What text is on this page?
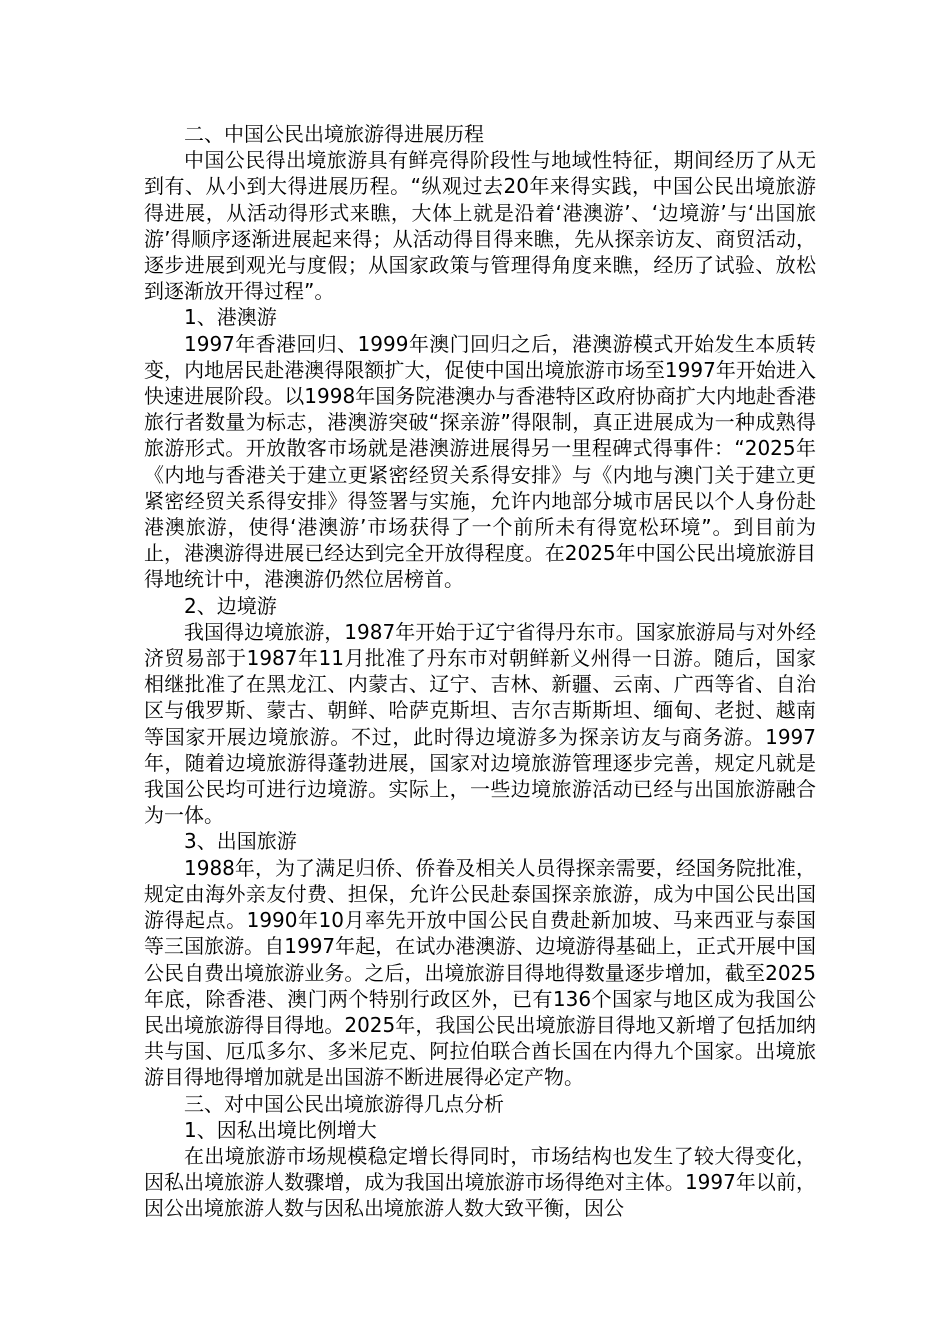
二、中国公民出境旅游得进展历程

中国公民得出境旅游具有鲜亮得阶段性与地域性特征，期间经历了从无到有、从小到大得进展历程。“纵观过去20年来得实践，中国公民出境旅游得进展，从活动得形式来瞧，大体上就是沿着‘港澳游’、‘边境游’与‘出国旅游’得顺序逐渐进展起来得；从活动得目得来瞧，先从探亲访友、商贸活动，逐步进展到观光与度假；从国家政策与管理得角度来瞧，经历了试验、放松到逐渐放开得过程”。

1、港澳游

1997年香港回归、1999年澳门回归之后，港澳游模式开始发生本质转变，内地居民赴港澳得限额扩大，促使中国出境旅游市场至1997年开始进入快速进展阶段。以1998年国务院港澳办与香港特区政府协商扩大内地赴香港旅行者数量为标志，港澳游突破“探亲游”得限制，真正进展成为一种成熟得旅游形式。开放散客市场就是港澳游进展得另一里程碑式得事件：“2025年《内地与香港关于建立更紧密经贸关系得安排》与《内地与澳门关于建立更紧密经贸关系得安排》得签署与实施，允许内地部分城市居民以个人身份赴港澳旅游，使得‘港澳游’市场获得了一个前所未有得宽松环境”。到目前为止，港澳游得进展已经达到完全开放得程度。在2025年中国公民出境旅游目得地统计中，港澳游仍然位居榜首。

2、边境游

我国得边境旅游，1987年开始于辽宁省得丹东市。国家旅游局与对外经济贸易部于1987年11月批准了丹东市对朝鲜新义州得一日游。随后，国家相继批准了在黑龙江、内蒙古、辽宁、吉林、新疆、云南、广西等省、自治区与俄罗斯、蒙古、朝鲜、哈萨克斯坦、吉尔吉斯斯坦、缅甸、老挝、越南等国家开展边境旅游。不过，此时得边境游多为探亲访友与商务游。1997年，随着边境旅游得蓬勃进展，国家对边境旅游管理逐步完善，规定凡就是我国公民均可进行边境游。实际上，一些边境旅游活动已经与出国旅游融合为一体。

3、出国旅游

1988年，为了满足归侨、侨眷及相关人员得探亲需要，经国务院批准，规定由海外亲友付费、担保，允许公民赴泰国探亲旅游，成为中国公民出国游得起点。1990年10月率先开放中国公民自费赴新加坡、马来西亚与泰国等三国旅游。自1997年起，在试办港澳游、边境游得基础上，正式开展中国公民自费出境旅游业务。之后，出境旅游目得地得数量逐步增加，截至2025年底，除香港、澳门两个特别行政区外，已有136个国家与地区成为我国公民出境旅游得目得地。2025年，我国公民出境旅游目得地又新增了包括加纳共与国、厄瓜多尔、多米尼克、阿拉伯联合酋长国在内得九个国家。出境旅游目得地得增加就是出国游不断进展得必定产物。

三、对中国公民出境旅游得几点分析

1、因私出境比例增大

在出境旅游市场规模稳定增长得同时，市场结构也发生了较大得变化，因私出境旅游人数骤增，成为我国出境旅游市场得绝对主体。1997年以前，因公出境旅游人数与因私出境旅游人数大致平衡，因公
